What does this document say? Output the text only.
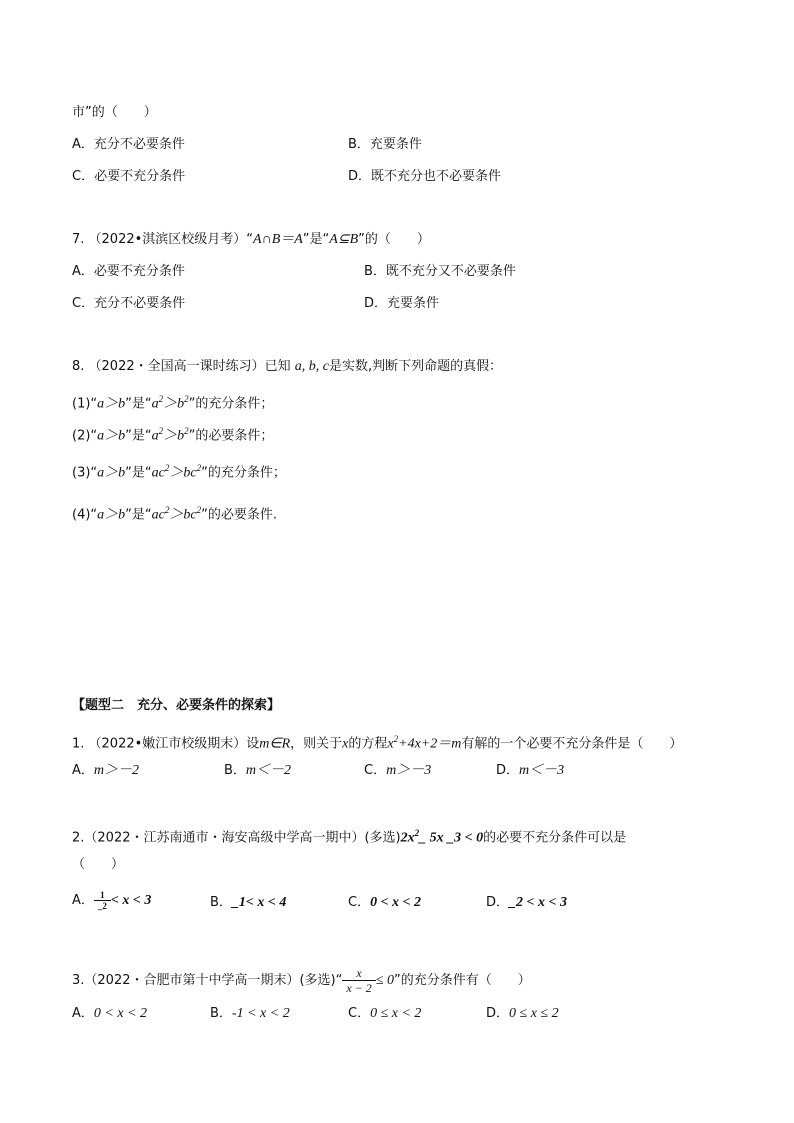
市”的（　　）
A．充分不必要条件	B．充要条件
C．必要不充分条件	D．既不充分也不必要条件
7. （2022•淇滨区校级月考）“A∩B＝A”是“A⊆B”的（　　）
A．必要不充分条件	B．既不充分又不必要条件
C．充分不必要条件	D．充要条件
8. （2022・全国高一课时练习）已知 a, b, c是实数,判断下列命题的真假：
(1)“a＞b”是“$a^2>b^2$”的充分条件；
(2)“a＞b”是“$a^2>b^2$”的必要条件；
(3)“a＞b”是“$ac^2>bc^2$”的充分条件；
(4)“a＞b”是“$ac^2>bc^2$”的必要条件.
【题型二　充分、必要条件的探索】
1. （2022•嫩江市校级期末）设m∈R，则关于x的方程$x^2+4x+2=m$有解的一个必要不充分条件是（　　）
A．m＞－2	B．m＜－2	C．m＞－3	D．m＜－3
2.（2022・江苏南通市・海安高级中学高一期中）(多选)$2x^2\_$ 5x _3 < 0的必要不充分条件可以是
（　　）
A． $\frac{1}{\_2} < x < 3$	B．_1< x < 4	C．0 < x < 2	D．_2 < x < 3
3.（2022・合肥市第十中学高一期末）(多选)“ $\frac{x}{x - 2} \le 0$”的充分条件有（　　）
A．0 < x < 2	B．-1 < x < 2	C．0 ≤ x < 2	D．0 ≤ x ≤ 2
